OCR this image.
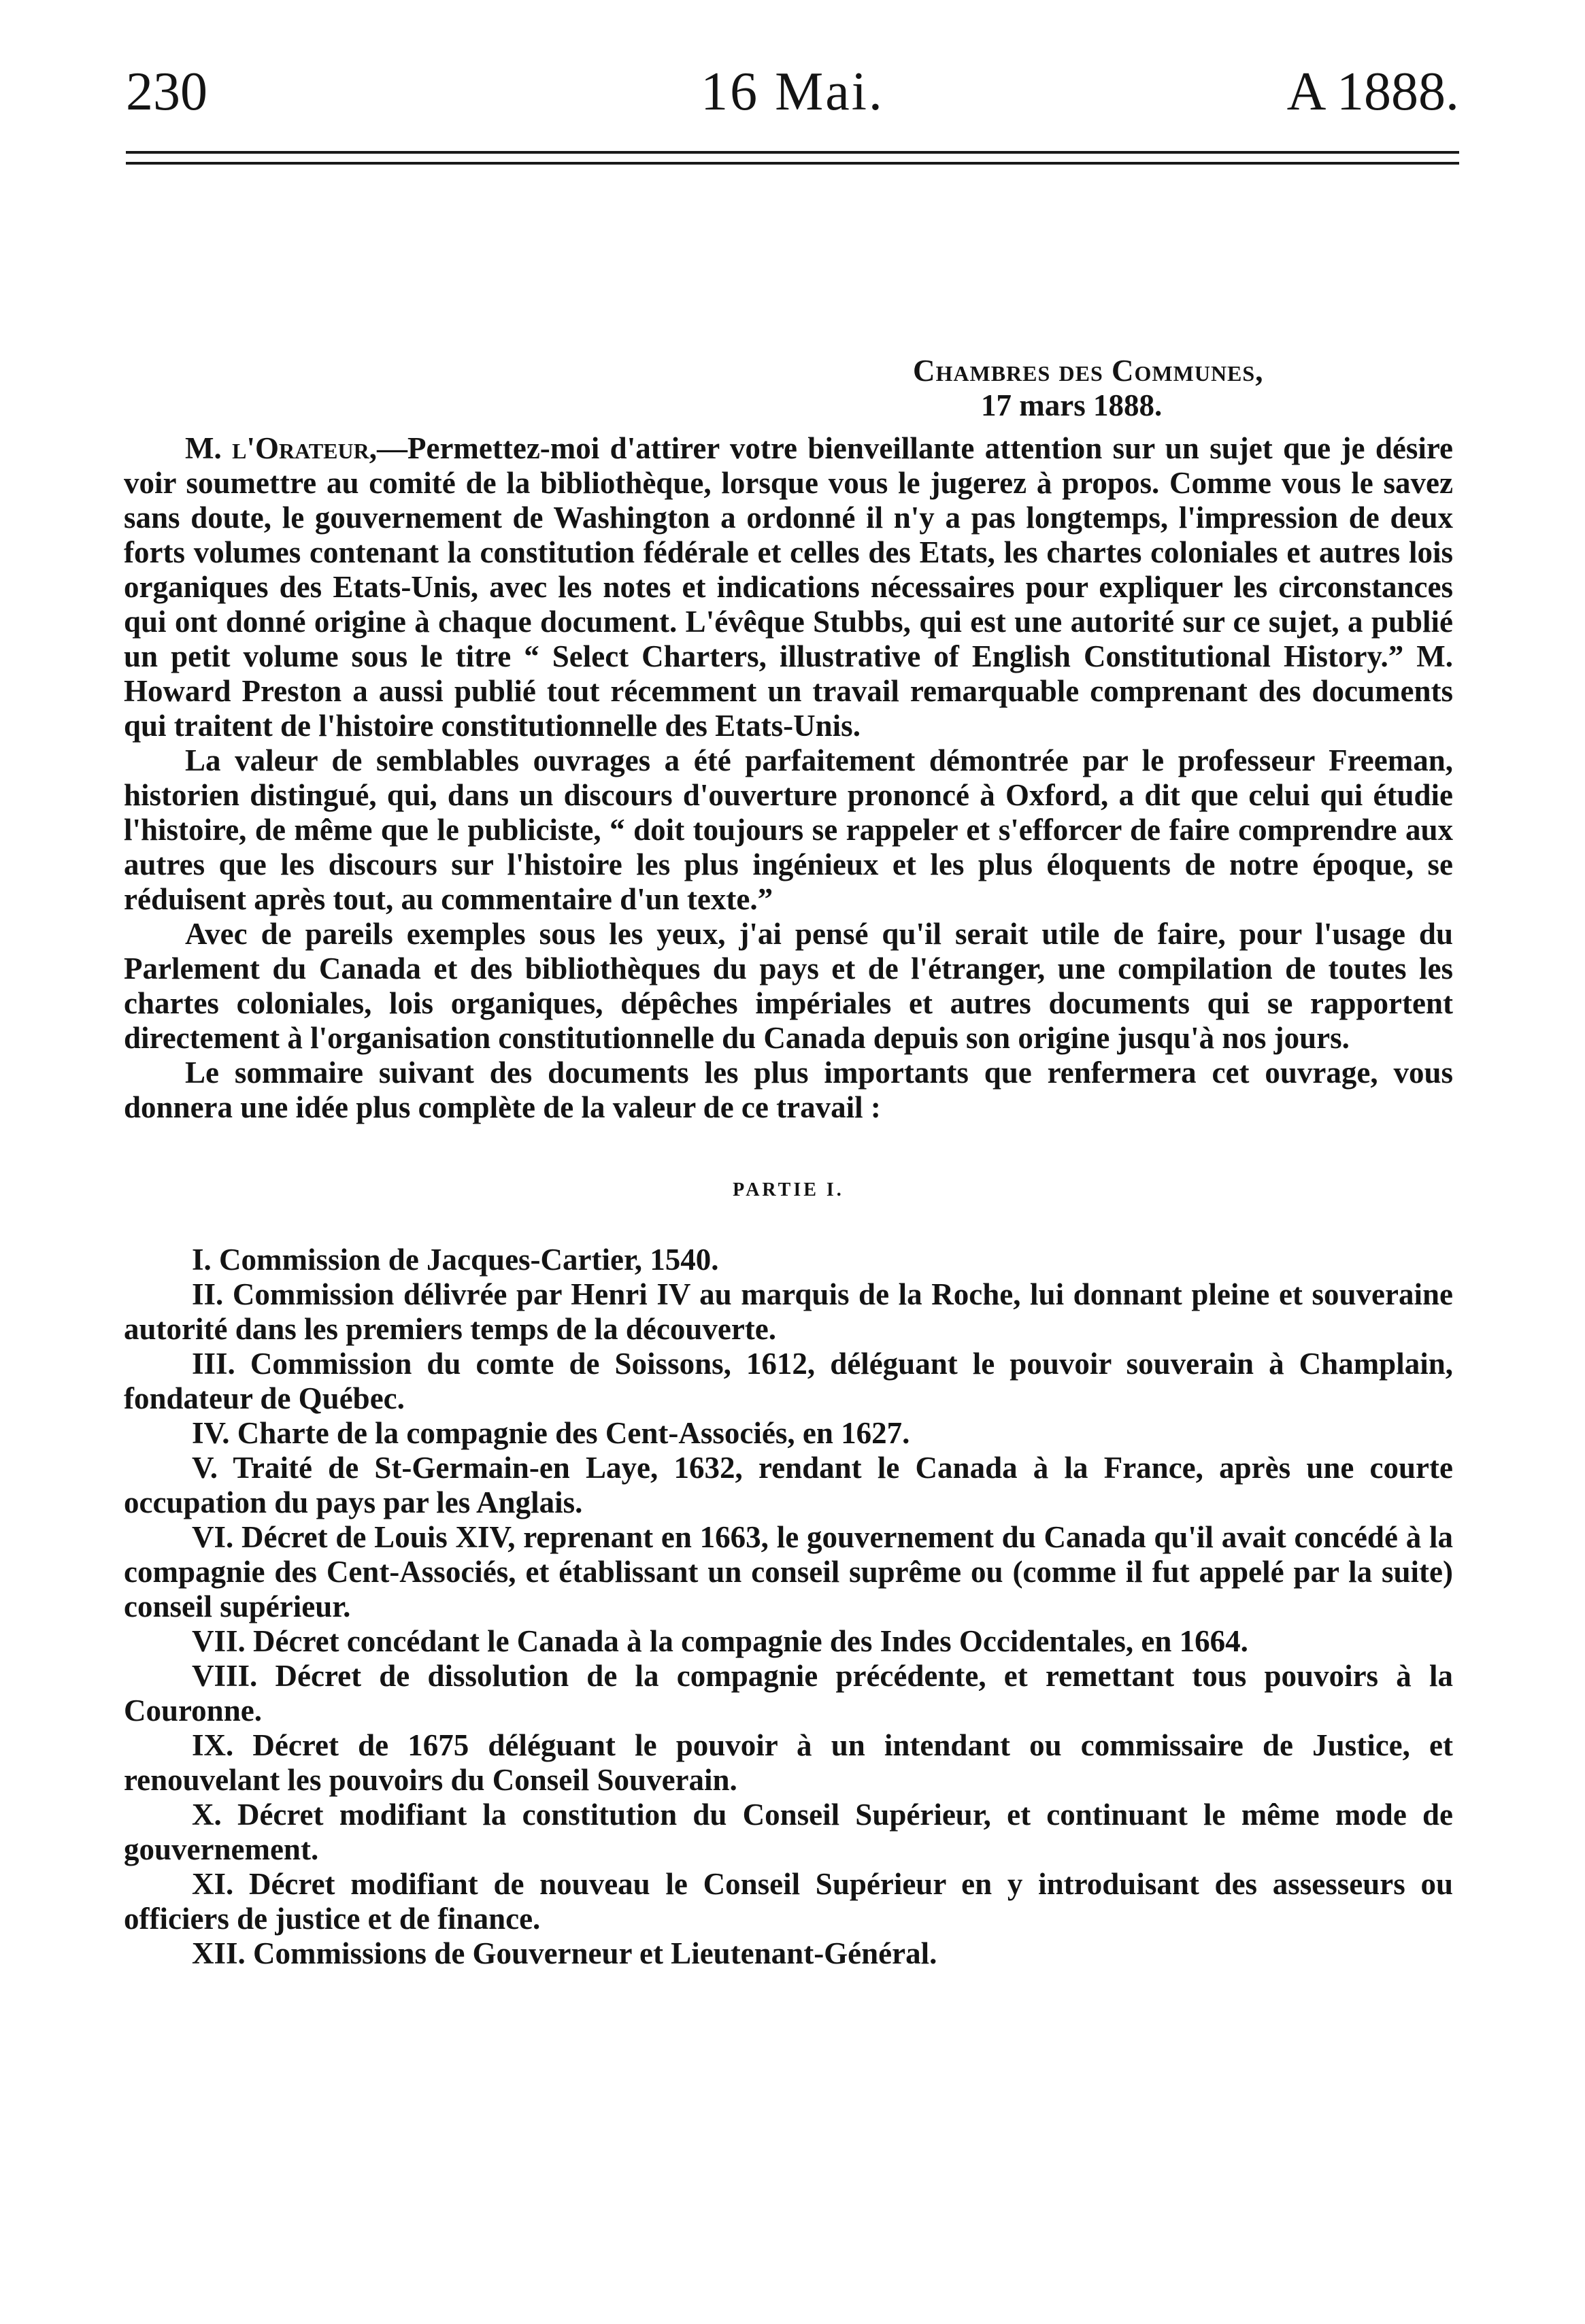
230	16 Mai.	A 1888.
Chambres des Communes,
17 mars 1888.

M. l'Orateur,—Permettez-moi d'attirer votre bienveillante attention sur un sujet que je désire voir soumettre au comité de la bibliothèque, lorsque vous le jugerez à propos. Comme vous le savez sans doute, le gouvernement de Washington a ordonné il n'y a pas longtemps, l'impression de deux forts volumes contenant la constitution fédérale et celles des Etats, les chartes coloniales et autres lois organiques des Etats-Unis, avec les notes et indications nécessaires pour expliquer les circonstances qui ont donné origine à chaque document. L'évêque Stubbs, qui est une autorité sur ce sujet, a publié un petit volume sous le titre “ Select Charters, illustrative of English Constitutional History.” M. Howard Preston a aussi publié tout récemment un travail remarquable comprenant des documents qui traitent de l'histoire constitutionnelle des Etats-Unis.

La valeur de semblables ouvrages a été parfaitement démontrée par le professeur Freeman, historien distingué, qui, dans un discours d'ouverture prononcé à Oxford, a dit que celui qui étudie l'histoire, de même que le publiciste, “ doit toujours se rappeler et s'efforcer de faire comprendre aux autres que les discours sur l'histoire les plus ingénieux et les plus éloquents de notre époque, se réduisent après tout, au commentaire d'un texte.”

Avec de pareils exemples sous les yeux, j'ai pensé qu'il serait utile de faire, pour l'usage du Parlement du Canada et des bibliothèques du pays et de l'étranger, une compilation de toutes les chartes coloniales, lois organiques, dépêches impériales et autres documents qui se rapportent directement à l'organisation constitutionnelle du Canada depuis son origine jusqu'à nos jours.

Le sommaire suivant des documents les plus importants que renfermera cet ouvrage, vous donnera une idée plus complète de la valeur de ce travail :

PARTIE I.

I. Commission de Jacques-Cartier, 1540.

II. Commission délivrée par Henri IV au marquis de la Roche, lui donnant pleine et souveraine autorité dans les premiers temps de la découverte.

III. Commission du comte de Soissons, 1612, déléguant le pouvoir souverain à Champlain, fondateur de Québec.

IV. Charte de la compagnie des Cent-Associés, en 1627.

V. Traité de St-Germain-en Laye, 1632, rendant le Canada à la France, après une courte occupation du pays par les Anglais.

VI. Décret de Louis XIV, reprenant en 1663, le gouvernement du Canada qu'il avait concédé à la compagnie des Cent-Associés, et établissant un conseil suprême ou (comme il fut appelé par la suite) conseil supérieur.

VII. Décret concédant le Canada à la compagnie des Indes Occidentales, en 1664.

VIII. Décret de dissolution de la compagnie précédente, et remettant tous pouvoirs à la Couronne.

IX. Décret de 1675 déléguant le pouvoir à un intendant ou commissaire de Justice, et renouvelant les pouvoirs du Conseil Souverain.

X. Décret modifiant la constitution du Conseil Supérieur, et continuant le même mode de gouvernement.

XI. Décret modifiant de nouveau le Conseil Supérieur en y introduisant des assesseurs ou officiers de justice et de finance.

XII. Commissions de Gouverneur et Lieutenant-Général.
